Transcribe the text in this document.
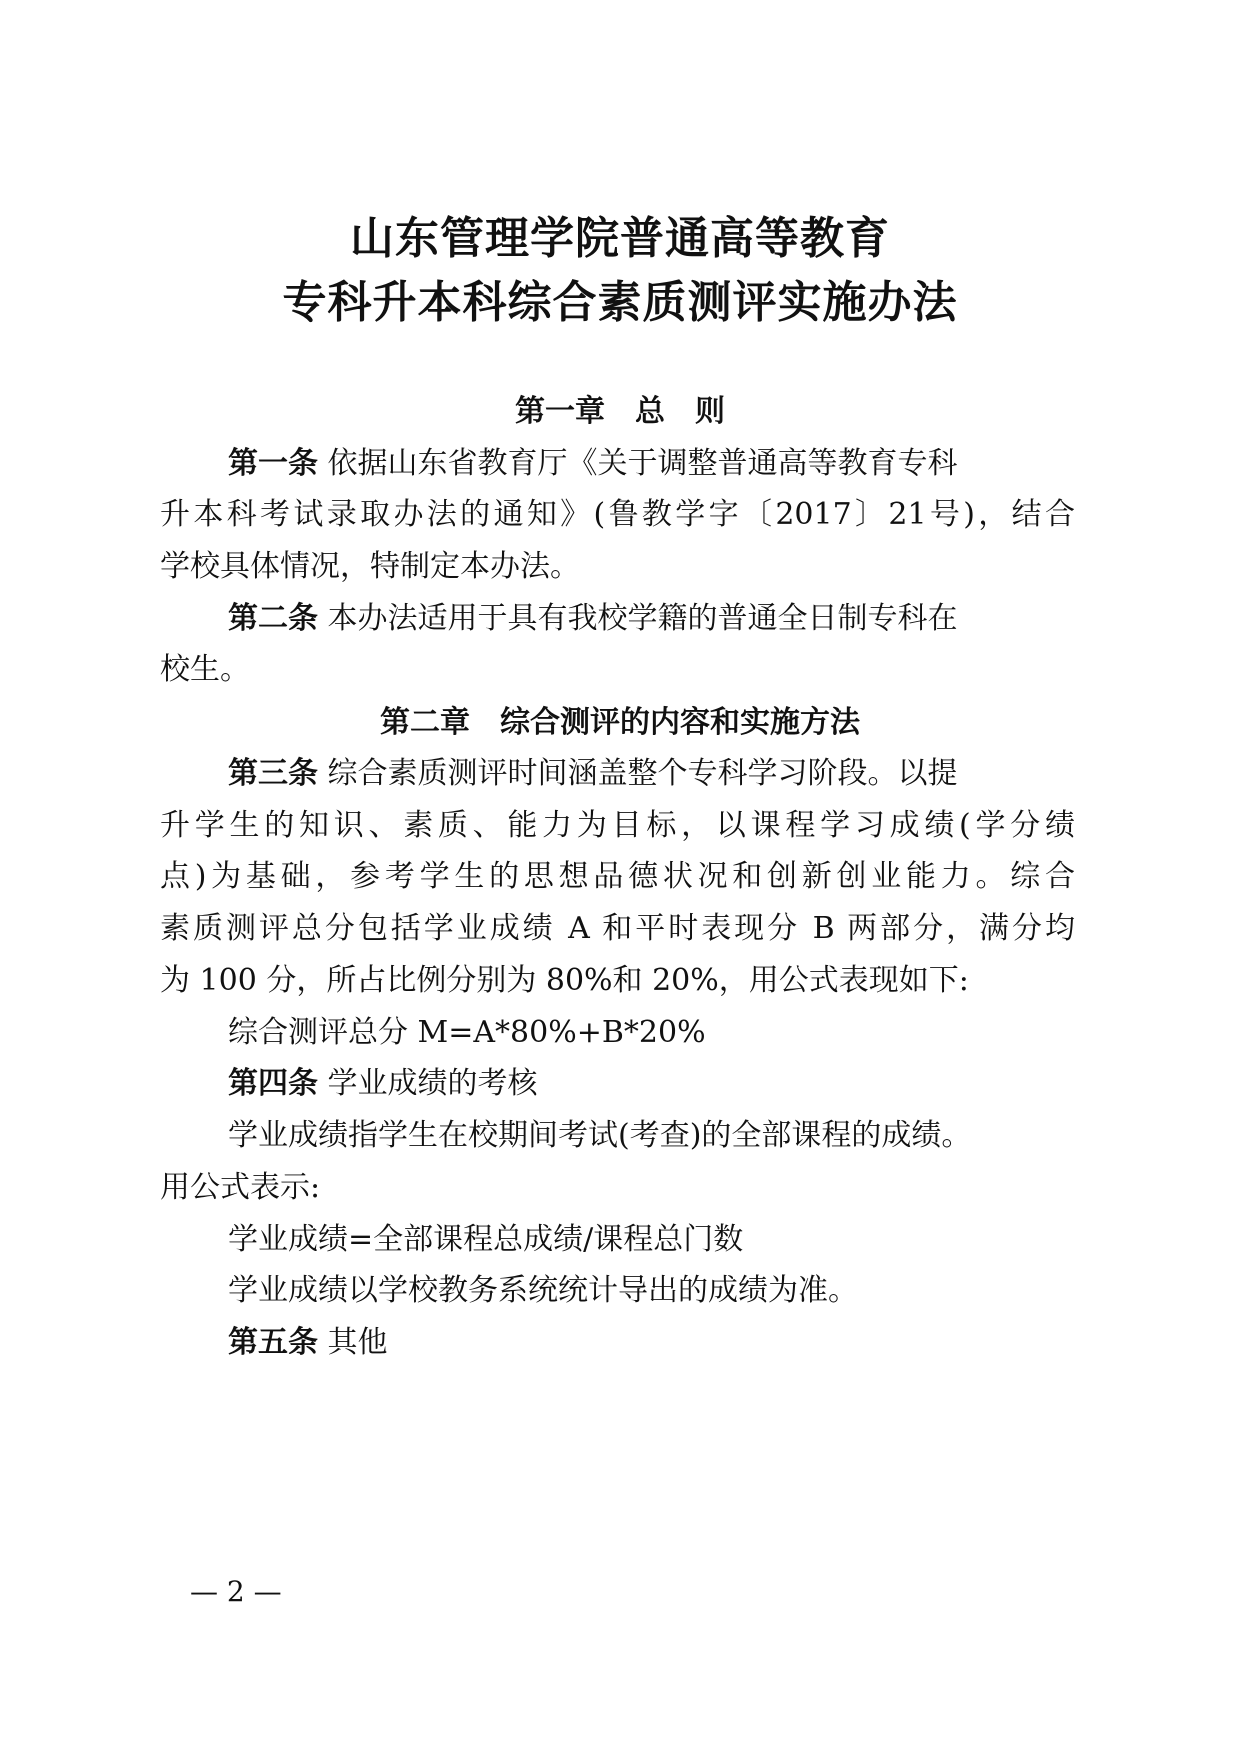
山东管理学院普通高等教育
专科升本科综合素质测评实施办法
第一章　总　则
第一条 依据山东省教育厅《关于调整普通高等教育专科
升本科考试录取办法的通知》(鲁教学字〔2017〕21号)，结合
学校具体情况，特制定本办法。
第二条 本办法适用于具有我校学籍的普通全日制专科在
校生。
第二章　综合测评的内容和实施方法
第三条 综合素质测评时间涵盖整个专科学习阶段。以提
升学生的知识、素质、能力为目标，以课程学习成绩(学分绩
点)为基础，参考学生的思想品德状况和创新创业能力。综合
素质测评总分包括学业成绩 A 和平时表现分 B 两部分，满分均
为 100 分，所占比例分别为 80%和 20%，用公式表现如下:
综合测评总分 M=A*80%+B*20%
第四条 学业成绩的考核
学业成绩指学生在校期间考试(考查)的全部课程的成绩。
用公式表示:
学业成绩=全部课程总成绩/课程总门数
学业成绩以学校教务系统统计导出的成绩为准。
第五条 其他
— 2 —
